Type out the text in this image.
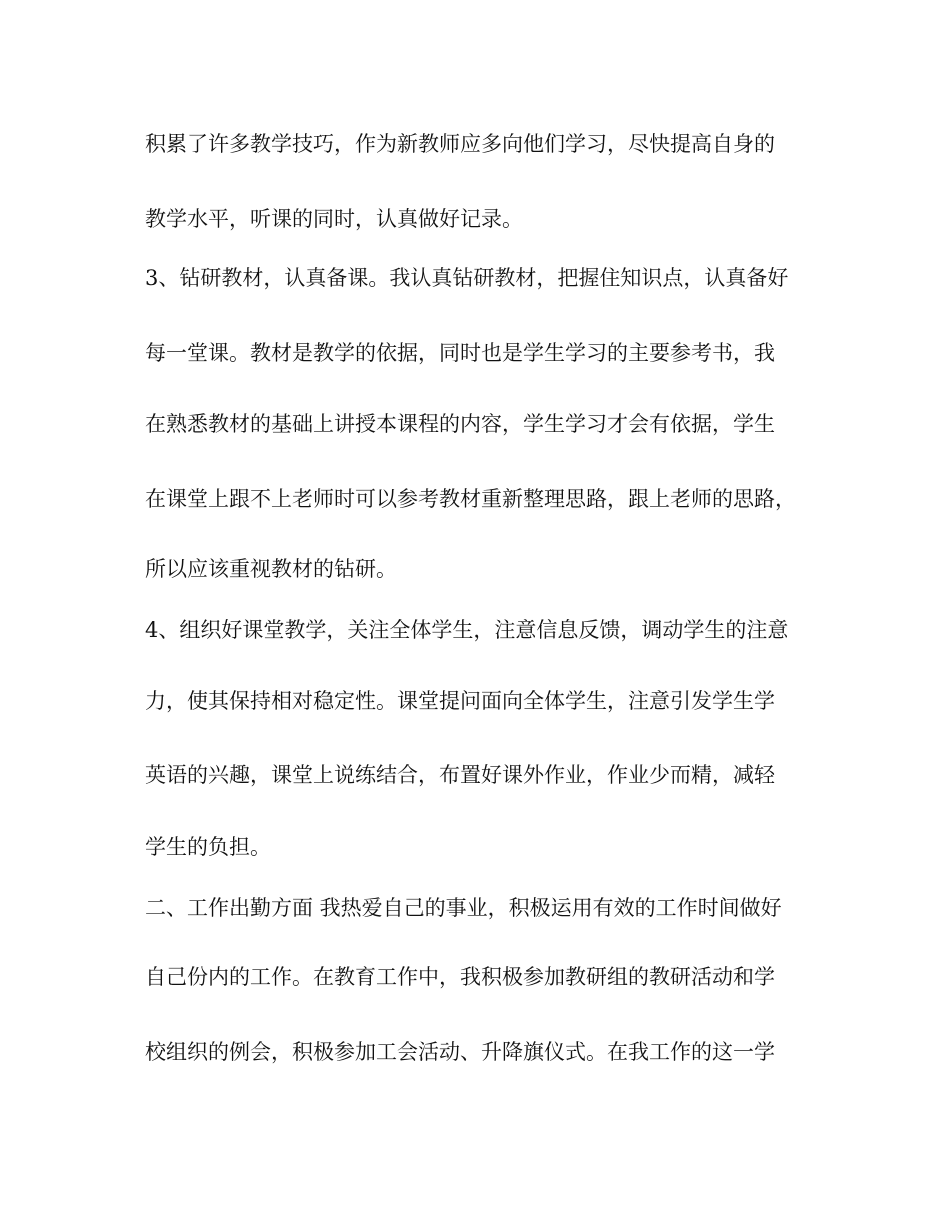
积累了许多教学技巧，作为新教师应多向他们学习，尽快提高自身的
教学水平，听课的同时，认真做好记录。
3、钻研教材，认真备课。我认真钻研教材，把握住知识点，认真备好
每一堂课。教材是教学的依据，同时也是学生学习的主要参考书，我
在熟悉教材的基础上讲授本课程的内容，学生学习才会有依据，学生
在课堂上跟不上老师时可以参考教材重新整理思路，跟上老师的思路，
所以应该重视教材的钻研。
4、组织好课堂教学，关注全体学生，注意信息反馈，调动学生的注意
力，使其保持相对稳定性。课堂提问面向全体学生，注意引发学生学
英语的兴趣，课堂上说练结合，布置好课外作业，作业少而精，减轻
学生的负担。
二、工作出勤方面 我热爱自己的事业，积极运用有效的工作时间做好
自己份内的工作。在教育工作中，我积极参加教研组的教研活动和学
校组织的例会，积极参加工会活动、升降旗仪式。在我工作的这一学
